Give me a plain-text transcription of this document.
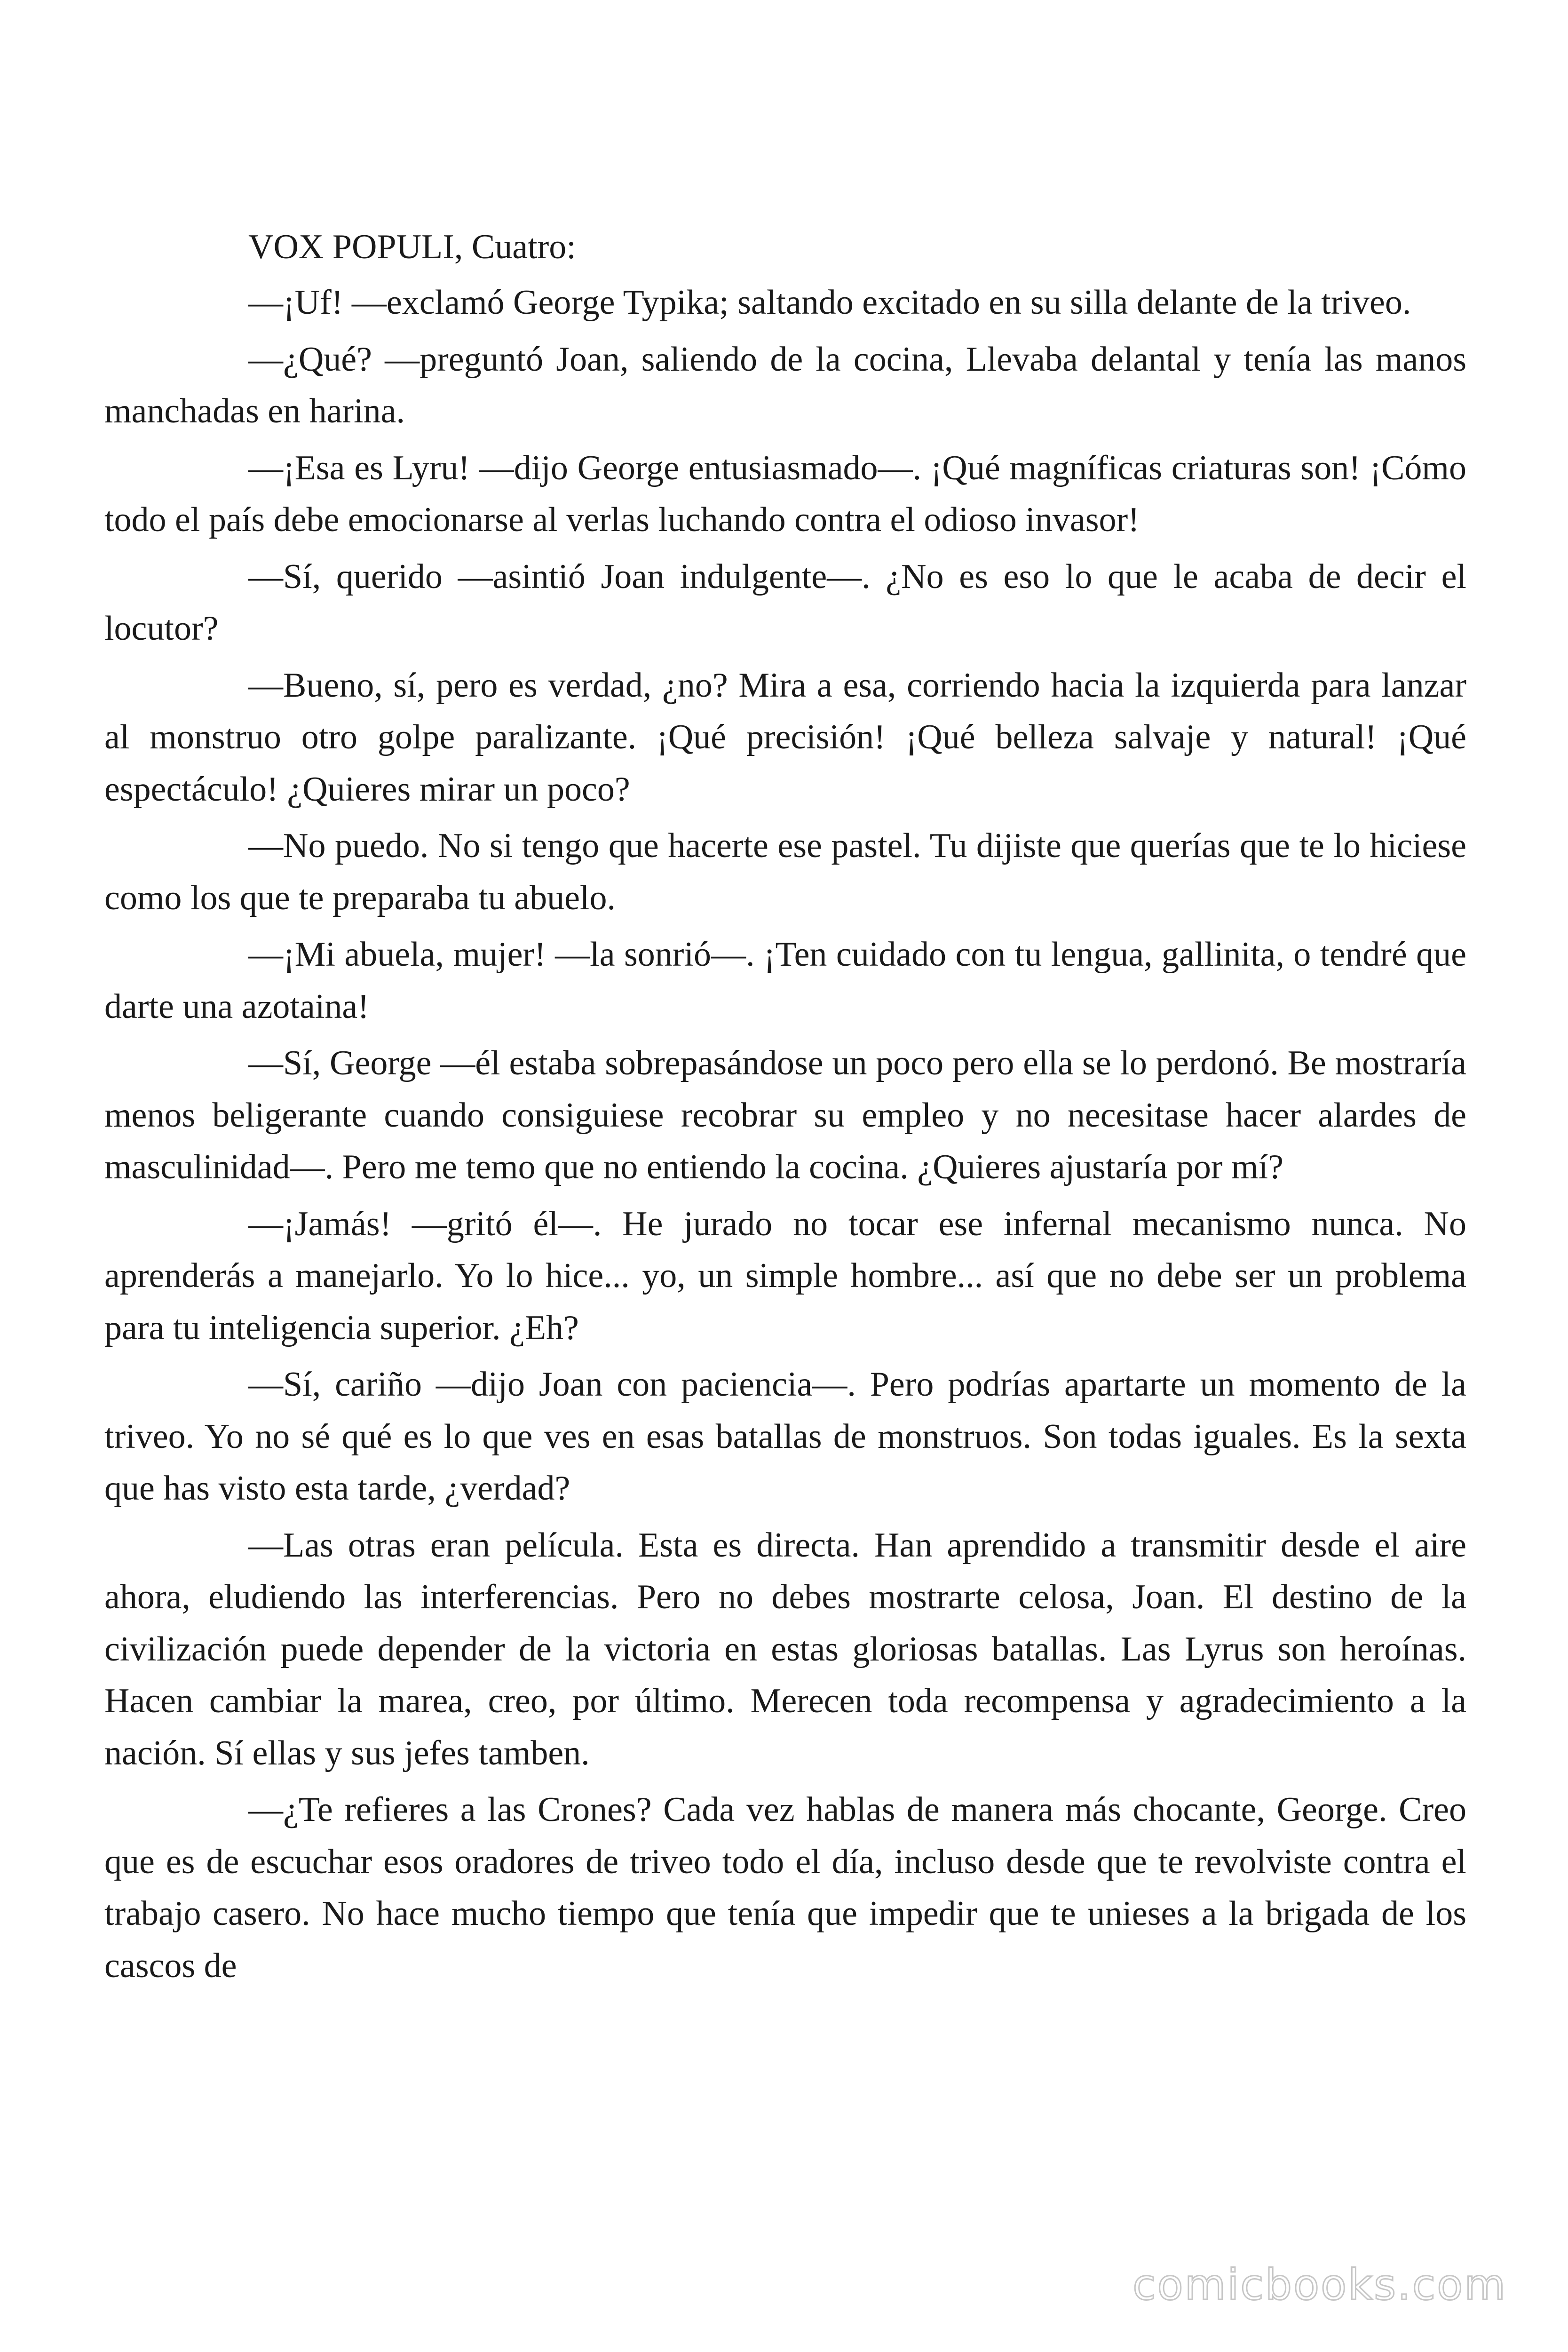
VOX POPULI, Cuatro:

—¡Uf! —exclamó George Typika; saltando excitado en su silla delante de la triveo.

—¿Qué? —preguntó Joan, saliendo de la cocina, Llevaba delantal y tenía las manos manchadas en harina.

—¡Esa es Lyru! —dijo George entusiasmado—. ¡Qué magníficas criaturas son! ¡Cómo todo el país debe emocionarse al verlas luchando contra el odioso invasor!

—Sí, querido —asintió Joan indulgente—. ¿No es eso lo que le acaba de decir el locutor?

—Bueno, sí, pero es verdad, ¿no? Mira a esa, corriendo hacia la izquierda para lanzar al monstruo otro golpe paralizante. ¡Qué precisión! ¡Qué belleza salvaje y natural! ¡Qué espectáculo! ¿Quieres mirar un poco?

—No puedo. No si tengo que hacerte ese pastel. Tu dijiste que querías que te lo hiciese como los que te preparaba tu abuelo.

—¡Mi abuela, mujer! —la sonrió—. ¡Ten cuidado con tu lengua, gallinita, o tendré que darte una azotaina!

—Sí, George —él estaba sobrepasándose un poco pero ella se lo perdonó. Be mostraría menos beligerante cuando consiguiese recobrar su empleo y no necesitase hacer alardes de masculinidad—. Pero me temo que no entiendo la cocina. ¿Quieres ajustaría por mí?

—¡Jamás! —gritó él—. He jurado no tocar ese infernal mecanismo nunca. No aprenderás a manejarlo. Yo lo hice... yo, un simple hombre... así que no debe ser un problema para tu inteligencia superior. ¿Eh?

—Sí, cariño —dijo Joan con paciencia—. Pero podrías apartarte un momento de la triveo. Yo no sé qué es lo que ves en esas batallas de monstruos. Son todas iguales. Es la sexta que has visto esta tarde, ¿verdad?

—Las otras eran película. Esta es directa. Han aprendido a transmitir desde el aire ahora, eludiendo las interferencias. Pero no debes mostrarte celosa, Joan. El destino de la civilización puede depender de la victoria en estas gloriosas batallas. Las Lyrus son heroínas. Hacen cambiar la marea, creo, por último. Merecen toda recompensa y agradecimiento a la nación. Sí ellas y sus jefes tamben.

—¿Te refieres a las Crones? Cada vez hablas de manera más chocante, George. Creo que es de escuchar esos oradores de triveo todo el día, incluso desde que te revolviste contra el trabajo casero. No hace mucho tiempo que tenía que impedir que te unieses a la brigada de los cascos de

comicbooks.com
